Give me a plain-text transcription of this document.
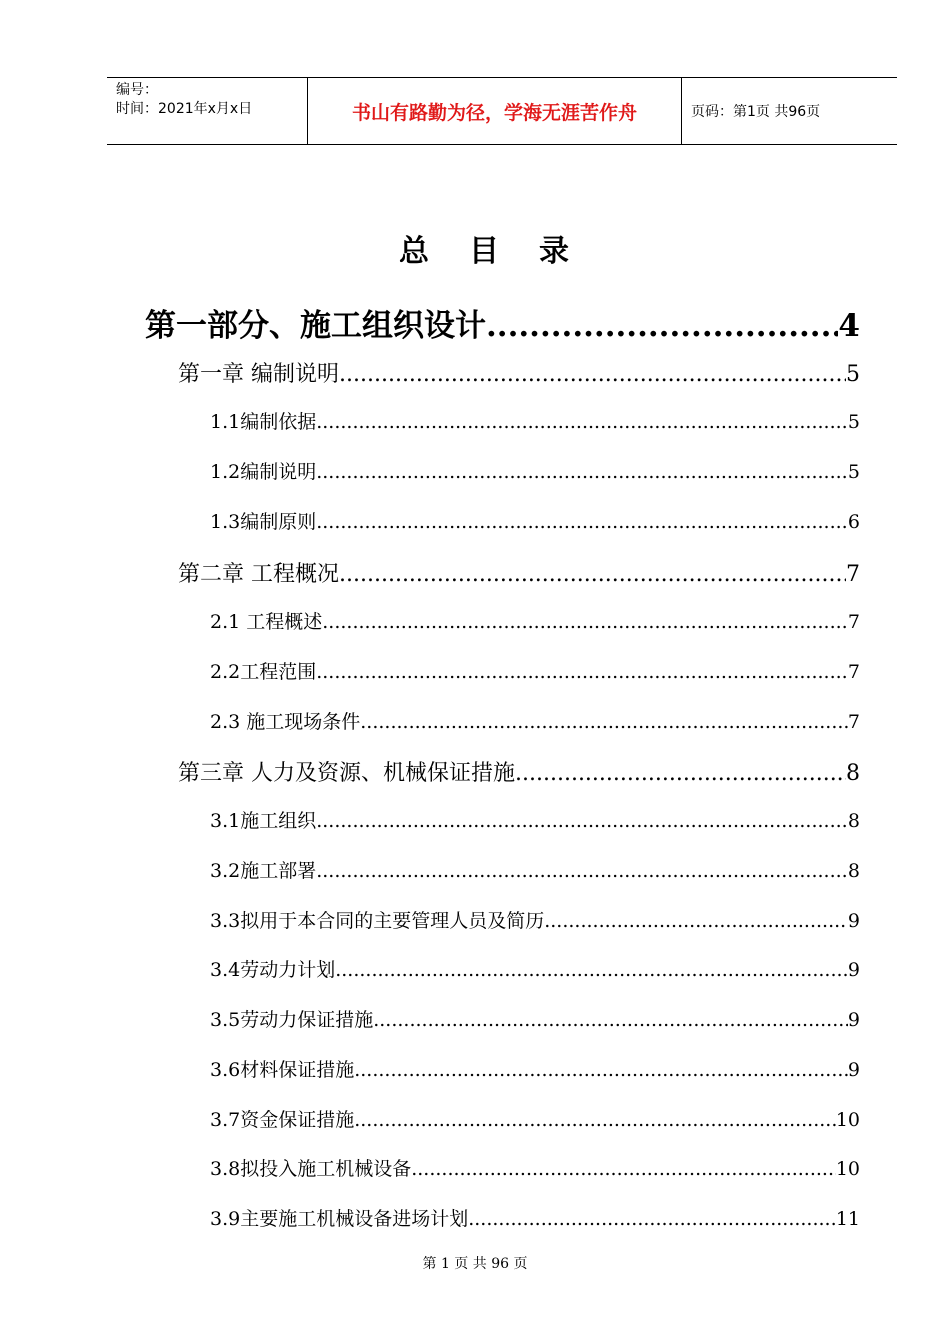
编号：
时间：2021年x月x日	书山有路勤为径，学海无涯苦作舟	页码：第1页 共96页
总目录
第一部分、施工组织设计 .....	4
第一章 编制说明 .....	5
1.1编制依据 .....	5
1.2编制说明 .....	5
1.3编制原则 .....	6
第二章 工程概况 .....	7
2.1 工程概述 .....	7
2.2工程范围 .....	7
2.3 施工现场条件 .....	7
第三章 人力及资源、机械保证措施 .....	8
3.1施工组织 .....	8
3.2施工部署 .....	8
3.3拟用于本合同的主要管理人员及简历 .....	9
3.4劳动力计划 .....	9
3.5劳动力保证措施 .....	9
3.6材料保证措施 .....	9
3.7资金保证措施 .....	10
3.8拟投入施工机械设备 .....	10
3.9主要施工机械设备进场计划 .....	11
第 1 页 共 96 页
